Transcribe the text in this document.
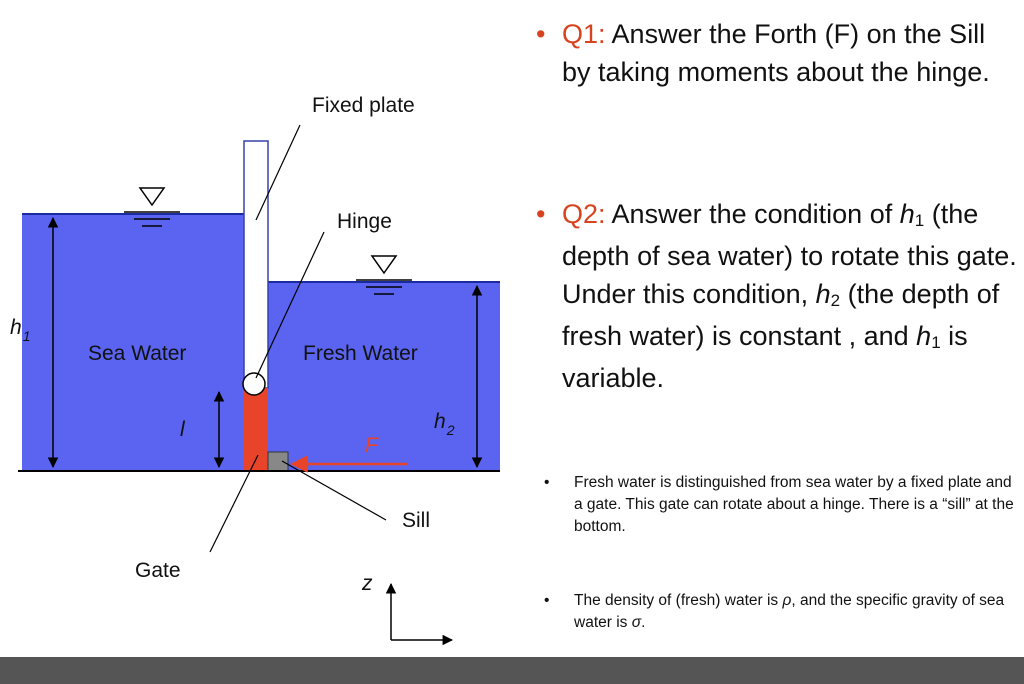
Fixed plate
Hinge
Sea Water	Fresh Water
$h_1$
$h_2$
l
F
Sill
Gate
z
• Q1: Answer the Forth (F) on the Sill by taking moments about the hinge.
• Q2: Answer the condition of $h_1$ (the depth of sea water) to rotate this gate. Under this condition, $h_2$ (the depth of fresh water) is constant , and $h_1$ is variable.
• Fresh water is distinguished from sea water by a fixed plate and a gate. This gate can rotate about a hinge. There is a “sill” at the bottom.
• The density of (fresh) water is ρ, and the specific gravity of sea water is σ.
